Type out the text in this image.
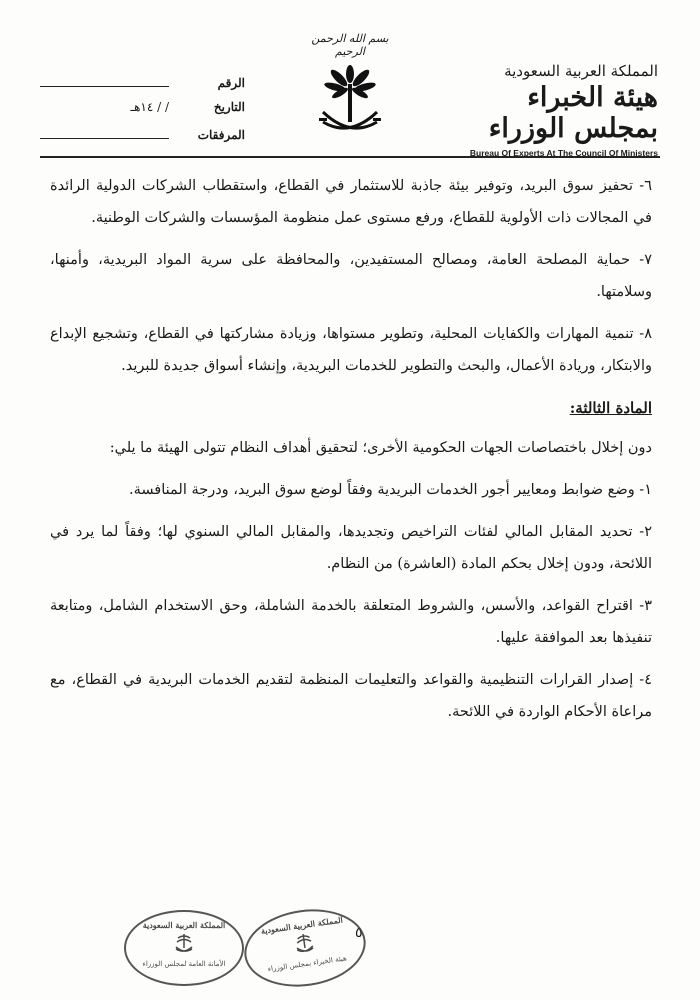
المملكة العربية السعودية
هيئة الخبراء بمجلس الوزراء
Bureau Of Experts At The Council Of Ministers
بسم الله الرحمن الرحيم
الرقم
التاريخ
/ / ١٤هـ
المرفقات

٦- تحفيز سوق البريد، وتوفير بيئة جاذبة للاستثمار في القطاع، واستقطاب الشركات الدولية الرائدة في المجالات ذات الأولوية للقطاع، ورفع مستوى عمل منظومة المؤسسات والشركات الوطنية.

٧- حماية المصلحة العامة، ومصالح المستفيدين، والمحافظة على سرية المواد البريدية، وأمنها، وسلامتها.

٨- تنمية المهارات والكفايات المحلية، وتطوير مستواها، وزيادة مشاركتها في القطاع، وتشجيع الإبداع والابتكار، وريادة الأعمال، والبحث والتطوير للخدمات البريدية، وإنشاء أسواق جديدة للبريد.

المادة الثالثة:

دون إخلال باختصاصات الجهات الحكومية الأخرى؛ لتحقيق أهداف النظام تتولى الهيئة ما يلي:

١- وضع ضوابط ومعايير أجور الخدمات البريدية وفقاً لوضع سوق البريد، ودرجة المنافسة.

٢- تحديد المقابل المالي لفئات التراخيص وتجديدها، والمقابل المالي السنوي لها؛ وفقاً لما يرد في اللائحة، ودون إخلال بحكم المادة (العاشرة) من النظام.

٣- اقتراح القواعد، والأسس، والشروط المتعلقة بالخدمة الشاملة، وحق الاستخدام الشامل، ومتابعة تنفيذها بعد الموافقة عليها.

٤- إصدار القرارات التنظيمية والقواعد والتعليمات المنظمة لتقديم الخدمات البريدية في القطاع، مع مراعاة الأحكام الواردة في اللائحة.

٥
المملكة العربية السعودية
الأمانة العامة لمجلس الوزراء
المملكة العربية السعودية
هيئة الخبراء بمجلس الوزراء
